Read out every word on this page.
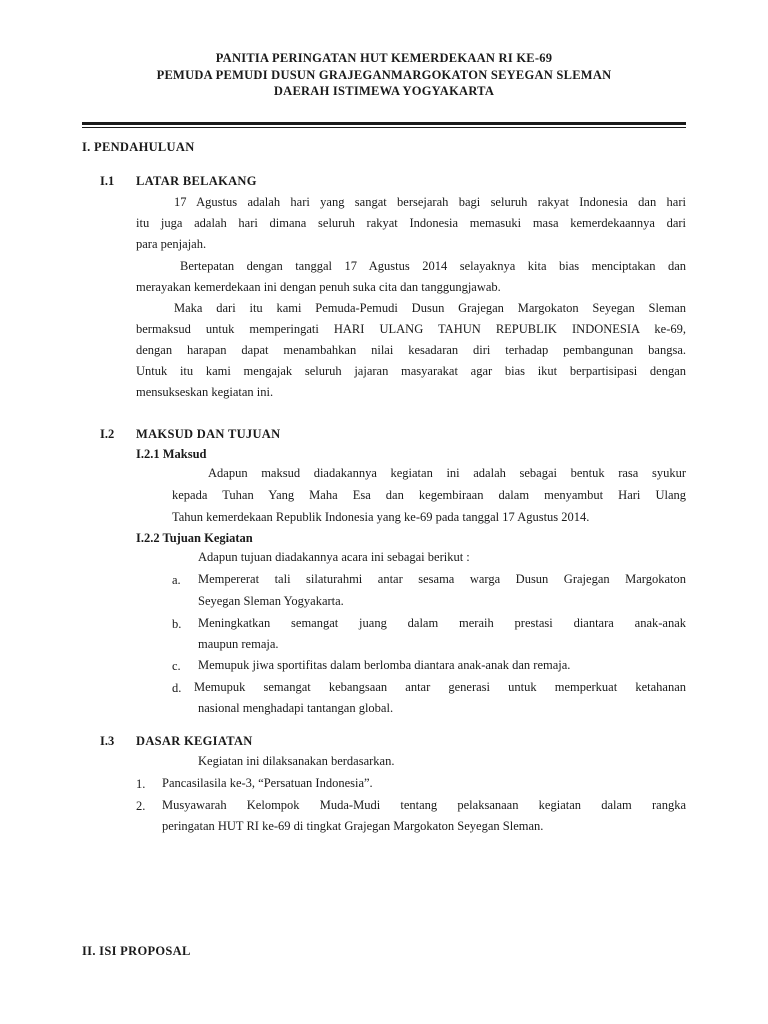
PANITIA PERINGATAN HUT KEMERDEKAAN RI KE-69
PEMUDA PEMUDI DUSUN GRAJEGANMARGOKATON SEYEGAN SLEMAN
DAERAH ISTIMEWA YOGYAKARTA
I. PENDAHULUAN
I.1 LATAR BELAKANG
17 Agustus adalah hari yang sangat bersejarah bagi seluruh rakyat Indonesia dan hari
itu juga adalah hari dimana seluruh rakyat Indonesia memasuki masa kemerdekaannya dari
para penjajah.
Bertepatan dengan tanggal 17 Agustus 2014 selayaknya kita bias menciptakan dan
merayakan kemerdekaan ini dengan penuh suka cita dan tanggungjawab.
Maka dari itu kami Pemuda-Pemudi Dusun Grajegan Margokaton Seyegan Sleman
bermaksud untuk memperingati HARI ULANG TAHUN REPUBLIK INDONESIA ke-69,
dengan harapan dapat menambahkan nilai kesadaran diri terhadap pembangunan bangsa.
Untuk itu kami mengajak seluruh jajaran masyarakat agar bias ikut berpartisipasi dengan
mensukseskan kegiatan ini.
I.2 MAKSUD DAN TUJUAN
I.2.1 Maksud
Adapun maksud diadakannya kegiatan ini adalah sebagai bentuk rasa syukur
kepada Tuhan Yang Maha Esa dan kegembiraan dalam menyambut Hari Ulang
Tahun kemerdekaan Republik Indonesia yang ke-69 pada tanggal 17 Agustus 2014.
I.2.2 Tujuan Kegiatan
Adapun tujuan diadakannya acara ini sebagai berikut :
a. Mempererat tali silaturahmi antar sesama warga Dusun Grajegan Margokaton
Seyegan Sleman Yogyakarta.
b. Meningkatkan semangat juang dalam meraih prestasi diantara anak-anak
maupun remaja.
c. Memupuk jiwa sportifitas dalam berlomba diantara anak-anak dan remaja.
d. Memupuk semangat kebangsaan antar generasi untuk memperkuat ketahanan
nasional menghadapi tantangan global.
I.3 DASAR KEGIATAN
Kegiatan ini dilaksanakan berdasarkan.
1. Pancasilasila ke-3, “Persatuan Indonesia”.
2. Musyawarah Kelompok Muda-Mudi tentang pelaksanaan kegiatan dalam rangka
peringatan HUT RI ke-69 di tingkat Grajegan Margokaton Seyegan Sleman.
II. ISI PROPOSAL
